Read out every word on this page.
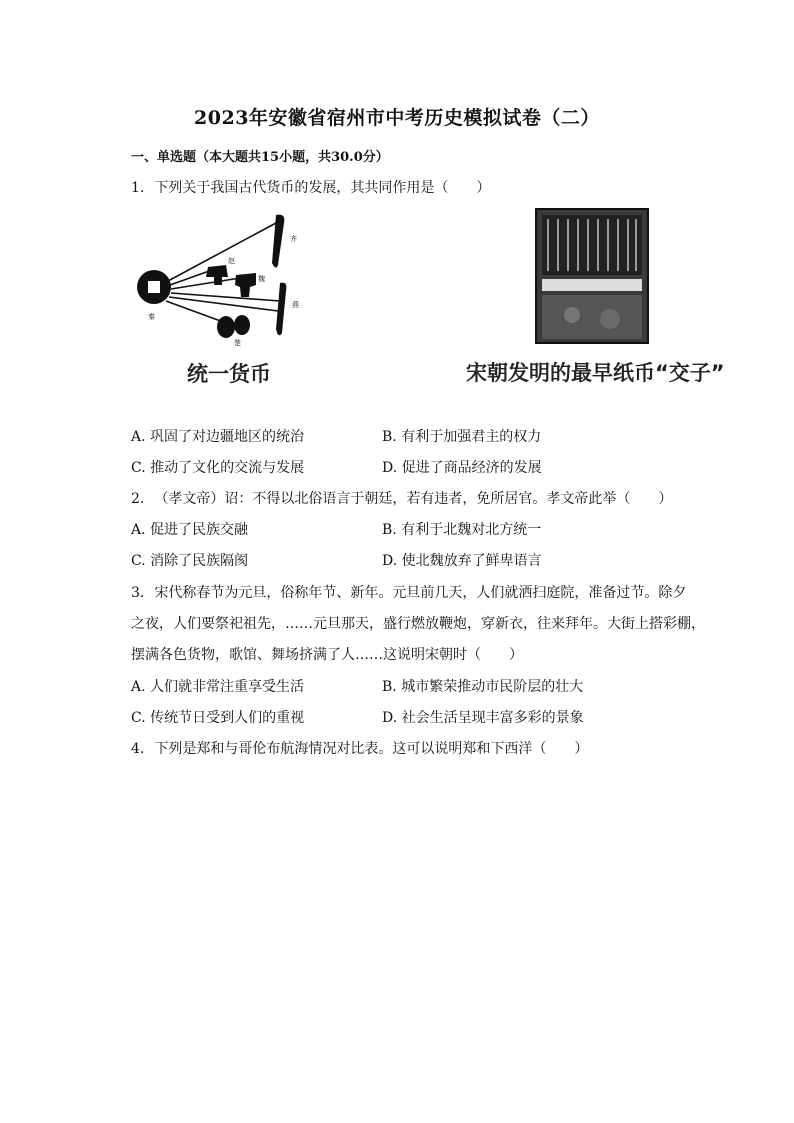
2023年安徽省宿州市中考历史模拟试卷（二）
一、单选题（本大题共15小题，共30.0分）
1. 下列关于我国古代货币的发展，其共同作用是（　　）
秦
赵
魏
齐
燕
楚
统一货币	宋朝发明的最早纸币“交子”
A. 巩固了对边疆地区的统治	B. 有利于加强君主的权力
C. 推动了文化的交流与发展	D. 促进了商品经济的发展
2. （孝文帝）诏：不得以北俗语言于朝廷，若有违者，免所居官。孝文帝此举（　　）
A. 促进了民族交融	B. 有利于北魏对北方统一
C. 消除了民族隔阂	D. 使北魏放弃了鲜卑语言
3. 宋代称春节为元旦，俗称年节、新年。元旦前几天，人们就洒扫庭院，准备过节。除夕
之夜，人们要祭祀祖先，……元旦那天，盛行燃放鞭炮，穿新衣，往来拜年。大街上搭彩棚，
摆满各色货物，歌馆、舞场挤满了人……这说明宋朝时（　　）
A. 人们就非常注重享受生活	B. 城市繁荣推动市民阶层的壮大
C. 传统节日受到人们的重视	D. 社会生活呈现丰富多彩的景象
4. 下列是郑和与哥伦布航海情况对比表。这可以说明郑和下西洋（　　）
